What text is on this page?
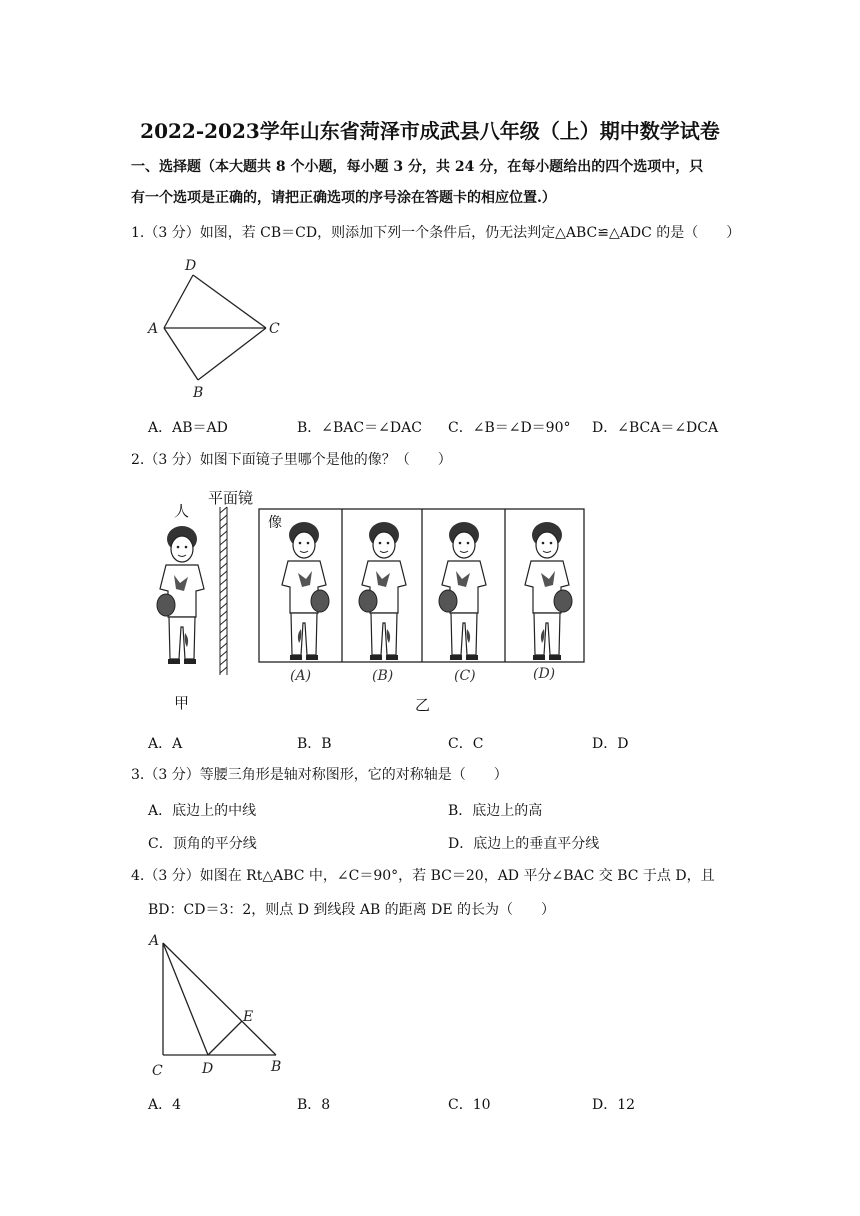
2022-2023学年山东省菏泽市成武县八年级（上）期中数学试卷
一、选择题（本大题共 8 个小题，每小题 3 分，共 24 分，在每小题给出的四个选项中，只
有一个选项是正确的，请把正确选项的序号涂在答题卡的相应位置.）
1.（3 分）如图，若 CB＝CD，则添加下列一个条件后，仍无法判定△ABC≌△ADC 的是（　　）
D
A	C
B
A．AB＝AD	B．∠BAC＝∠DAC C．∠B＝∠D＝90° D．∠BCA＝∠DCA
2.（3 分）如图下面镜子里哪个是他的像？（　　）
平面镜
人
像
(A)	(B)	(C)	(D)
甲	乙
A．A	B．B	C．C	D．D
3.（3 分）等腰三角形是轴对称图形，它的对称轴是（　　）
A．底边上的中线	B．底边上的高
C．顶角的平分线	D．底边上的垂直平分线
4.（3 分）如图在 Rt△ABC 中，∠C＝90°，若 BC＝20，AD 平分∠BAC 交 BC 于点 D，且
BD：CD＝3：2，则点 D 到线段 AB 的距离 DE 的长为（　　）
A
E
C	D	B
A．4	B．8	C．10	D．12
